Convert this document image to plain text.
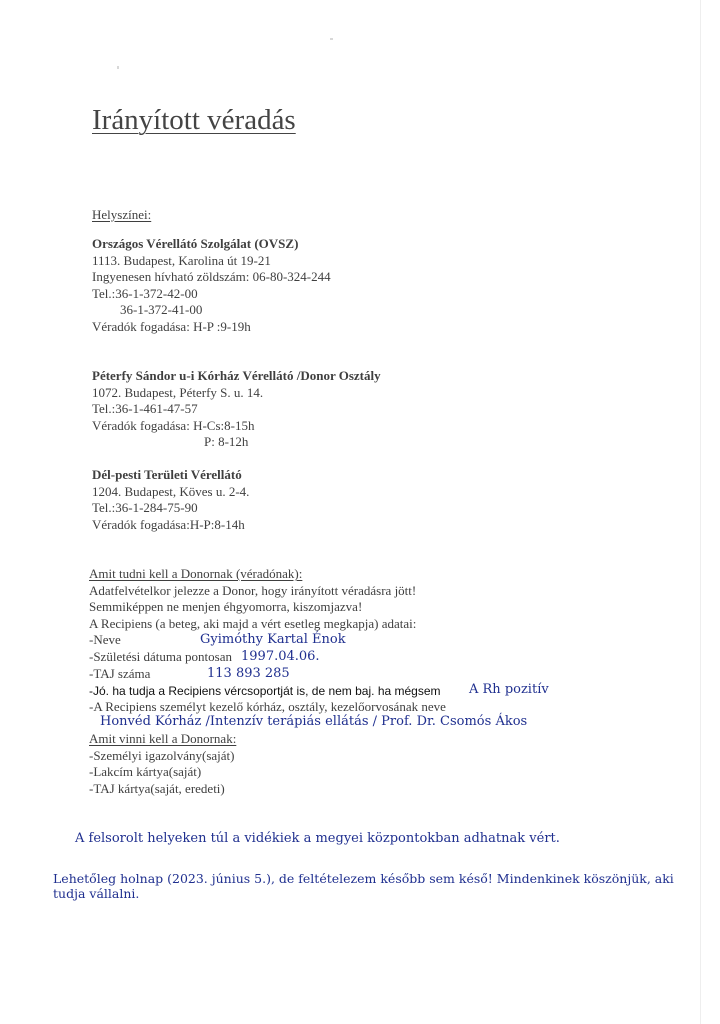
Irányított véradás
Helyszínei:
Országos Vérellátó Szolgálat (OVSZ)
1113. Budapest, Karolina út 19-21
Ingyenesen hívható zöldszám: 06-80-324-244
Tel.:36-1-372-42-00
36-1-372-41-00
Véradók fogadása: H-P :9-19h
Péterfy Sándor u-i Kórház Vérellátó /Donor Osztály
1072. Budapest, Péterfy S. u. 14.
Tel.:36-1-461-47-57
Véradók fogadása: H-Cs:8-15h
P: 8-12h
Dél-pesti Területi Vérellátó
1204. Budapest, Köves u. 2-4.
Tel.:36-1-284-75-90
Véradók fogadása:H-P:8-14h
Amit tudni kell a Donornak (véradónak):
Adatfelvételkor jelezze a Donor, hogy irányított véradásra jött!
Semmiképpen ne menjen éhgyomorra, kiszomjazva!
A Recipiens (a beteg, aki majd a vért esetleg megkapja) adatai:
-Neve	Gyimóthy Kartal Énok
-Születési dátuma pontosan 1997.04.06.
-TAJ száma	113 893 285
-Jó. ha tudja a Recipiens vércsoportját is, de nem baj. ha mégsem A Rh pozitív
-A Recipiens személyt kezelő kórház, osztály, kezelőorvosának neve
Honvéd Kórház /Intenzív terápiás ellátás / Prof. Dr. Csomós Ákos
Amit vinni kell a Donornak:
-Személyi igazolvány(saját)
-Lakcím kártya(saját)
-TAJ kártya(saját, eredeti)
A felsorolt helyeken túl a vidékiek a megyei központokban adhatnak vért.
Lehetőleg holnap (2023. június 5.), de feltételezem később sem késő! Mindenkinek köszönjük, aki
tudja vállalni.
